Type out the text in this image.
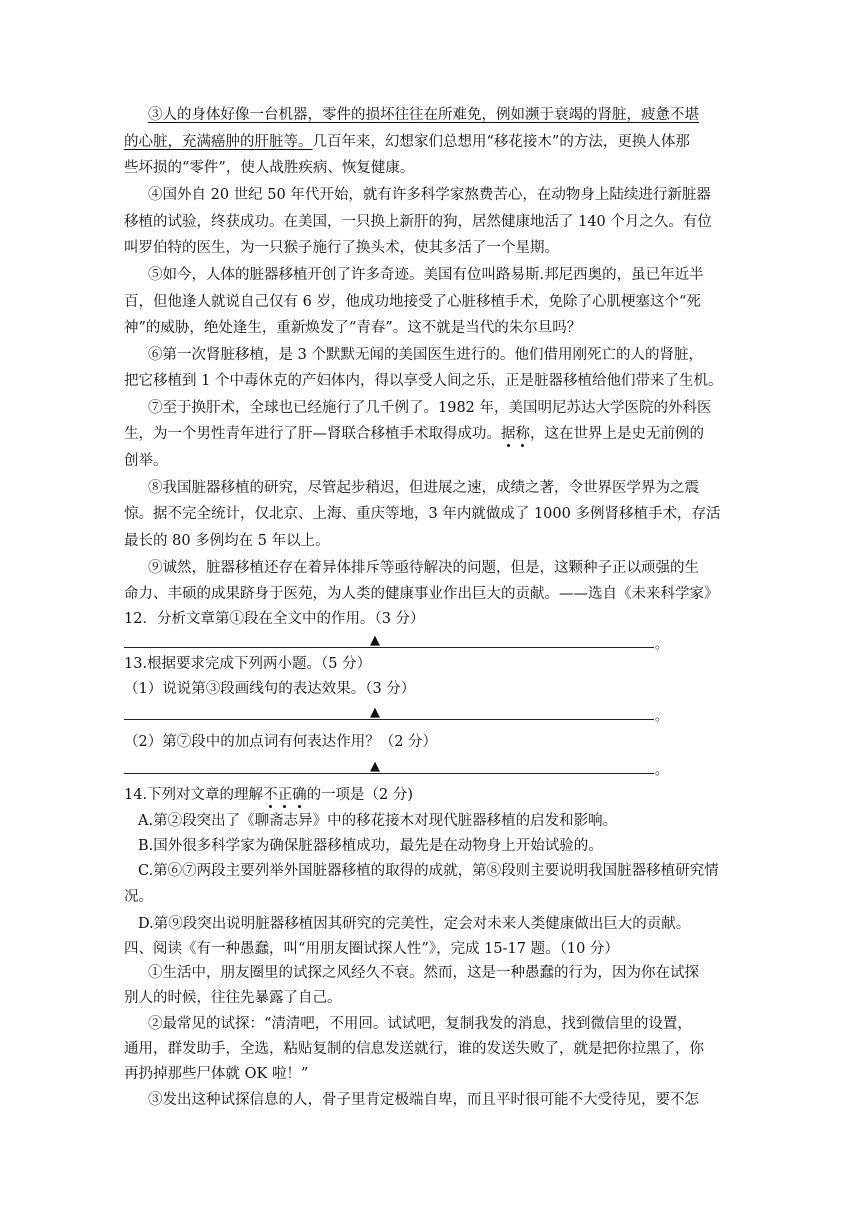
③人的身体好像一台机器，零件的损坏往往在所难免，例如濒于衰竭的肾脏，疲惫不堪
的心脏，充满癌肿的肝脏等。几百年来，幻想家们总想用“移花接木”的方法，更换人体那
些坏损的“零件”，使人战胜疾病、恢复健康。
④国外自 20 世纪 50 年代开始，就有许多科学家熬费苦心，在动物身上陆续进行新脏器
移植的试验，终获成功。在美国，一只换上新肝的狗，居然健康地活了 140 个月之久。有位
叫罗伯特的医生，为一只猴子施行了换头术，使其多活了一个星期。
⑤如今，人体的脏器移植开创了许多奇迹。美国有位叫路易斯.邦尼西奥的，虽已年近半
百，但他逢人就说自己仅有 6 岁，他成功地接受了心脏移植手术，免除了心肌梗塞这个“死
神”的威胁，绝处逢生，重新焕发了“青春”。这不就是当代的朱尔旦吗？
⑥第一次肾脏移植，是 3 个默默无闻的美国医生进行的。他们借用刚死亡的人的肾脏，
把它移植到 1 个中毒休克的产妇体内，得以享受人间之乐，正是脏器移植给他们带来了生机。
⑦至于换肝术，全球也已经施行了几千例了。1982 年，美国明尼苏达大学医院的外科医
生，为一个男性青年进行了肝—肾联合移植手术取得成功。据称，这在世界上是史无前例的
创举。
⑧我国脏器移植的研究，尽管起步稍迟，但进展之速，成绩之著，令世界医学界为之震
惊。据不完全统计，仅北京、上海、重庆等地，3 年内就做成了 1000 多例肾移植手术，存活
最长的 80 多例均在 5 年以上。
⑨诚然，脏器移植还存在着异体排斥等亟待解决的问题，但是，这颗种子正以顽强的生
命力、丰硕的成果跻身于医苑，为人类的健康事业作出巨大的贡献。——选自《未来科学家》
12．分析文章第①段在全文中的作用。（3 分）
▲	。
13.根据要求完成下列两小题。（5 分）
（1）说说第③段画线句的表达效果。（3 分）
▲	。
（2）第⑦段中的加点词有何表达作用？（2 分）
▲	。
14.下列对文章的理解不正确的一项是（2 分)
A.第②段突出了《聊斋志异》中的移花接木对现代脏器移植的启发和影响。
B.国外很多科学家为确保脏器移植成功，最先是在动物身上开始试验的。
C.第⑥⑦两段主要列举外国脏器移植的取得的成就，第⑧段则主要说明我国脏器移植研究情
况。
D.第⑨段突出说明脏器移植因其研究的完美性，定会对未来人类健康做出巨大的贡献。
四、阅读《有一种愚蠢，叫“用朋友圈试探人性”》，完成 15-17 题。（10 分）
①生活中，朋友圈里的试探之风经久不衰。然而，这是一种愚蠢的行为，因为你在试探
别人的时候，往往先暴露了自己。
②最常见的试探：“清清吧，不用回。试试吧，复制我发的消息，找到微信里的设置，
通用，群发助手，全选，粘贴复制的信息发送就行，谁的发送失败了，就是把你拉黑了，你
再扔掉那些尸体就 OK 啦！”
③发出这种试探信息的人，骨子里肯定极端自卑，而且平时很可能不大受待见，要不怎
